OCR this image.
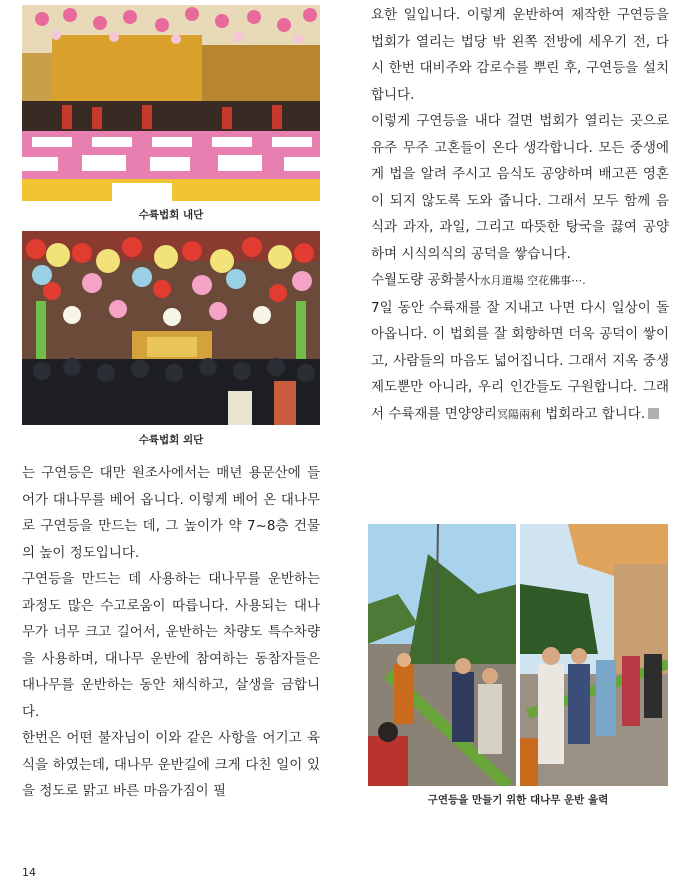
수륙법회 내단
수륙법회 외단

는 구연등은 대만 원조사에서는 매년 용문산에 들어가 대나무를 베어 옵니다. 이렇게 베어 온 대나무로 구연등을 만드는 데, 그 높이가 약 7~8층 건물의 높이 정도입니다.

구연등을 만드는 데 사용하는 대나무를 운반하는 과정도 많은 수고로움이 따릅니다. 사용되는 대나무가 너무 크고 길어서, 운반하는 차량도 특수차량을 사용하며, 대나무 운반에 참여하는 동참자들은 대나무를 운반하는 동안 채식하고, 살생을 금합니다.

한번은 어떤 불자님이 이와 같은 사항을 어기고 육식을 하였는데, 대나무 운반길에 크게 다친 일이 있을 정도로 맑고 바른 마음가짐이 필

요한 일입니다. 이렇게 운반하여 제작한 구연등을 법회가 열리는 법당 밖 왼쪽 전방에 세우기 전, 다시 한번 대비주와 감로수를 뿌린 후, 구연등을 설치합니다.

이렇게 구연등을 내다 걸면 법회가 열리는 곳으로 유주 무주 고혼들이 온다 생각합니다. 모든 중생에게 법을 알려 주시고 음식도 공양하며 배고픈 영혼이 되지 않도록 도와 줍니다. 그래서 모두 함께 음식과 과자, 과일, 그리고 따뜻한 탕국을 끓여 공양하며 시식의식의 공덕을 쌓습니다.

수월도량 공화불사水月道場 空花佛事⋯.

7일 동안 수륙재를 잘 지내고 나면 다시 일상이 돌아옵니다. 이 법회를 잘 회향하면 더욱 공덕이 쌓이고, 사람들의 마음도 넓어집니다. 그래서 지옥 중생 제도뿐만 아니라, 우리 인간들도 구원합니다. 그래서 수륙재를 면양양리冥陽兩利 법회라고 합니다.

구연등을 만들기 위한 대나무 운반 울력
14
